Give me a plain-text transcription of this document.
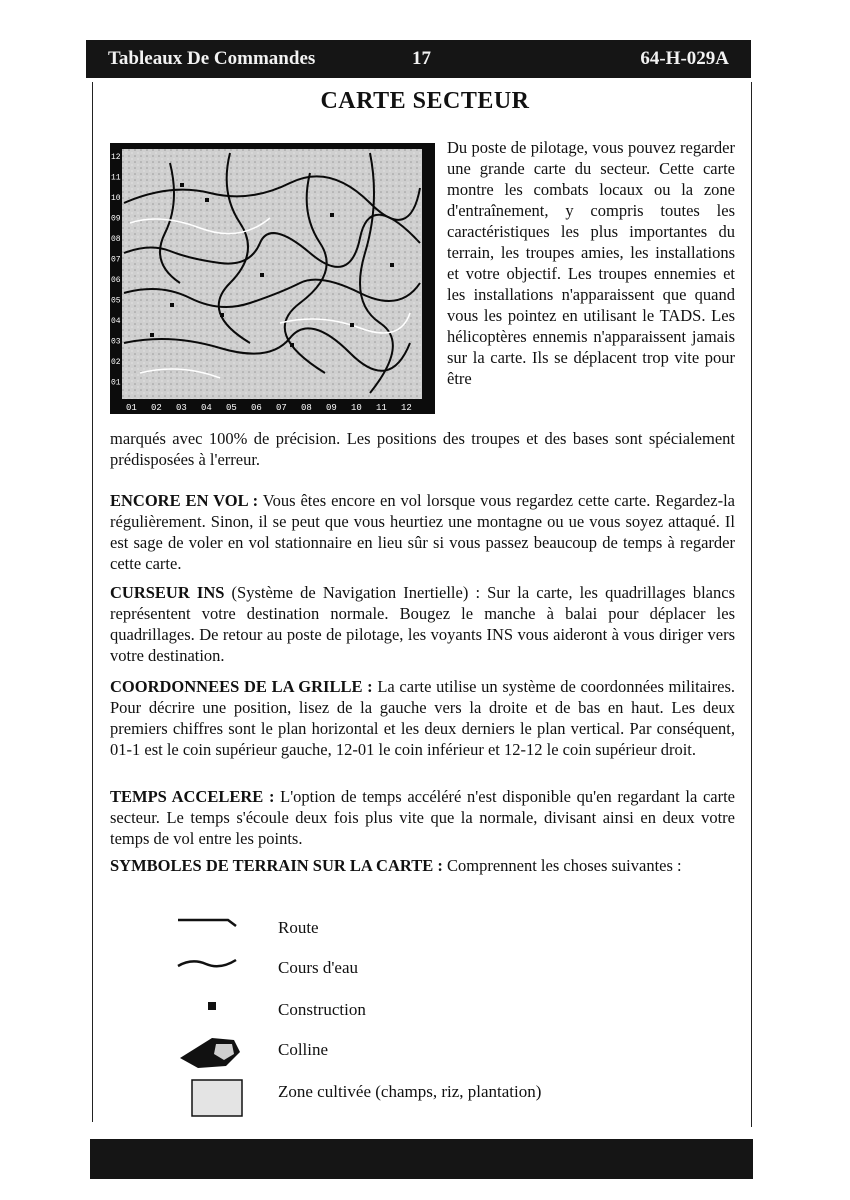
Tableaux De Commandes	17	64-H-029A
CARTE SECTEUR
01 02 03 04 05 06 07 08 09 10 11 12
12
11
10
09
08
07
06
05
04
03
02
01
Du poste de pilotage, vous pouvez regarder une grande carte du secteur. Cette carte montre les combats locaux ou la zone d'entraînement, y compris toutes les caractéristiques les plus importantes du terrain, les troupes amies, les installations et votre objectif. Les troupes ennemies et les installations n'apparaissent que quand vous les pointez en utilisant le TADS. Les hélicoptères ennemis n'apparaissent jamais sur la carte. Ils se déplacent trop vite pour être
marqués avec 100% de précision. Les positions des troupes et des bases sont spécialement prédisposées à l'erreur.
ENCORE EN VOL : Vous êtes encore en vol lorsque vous regardez cette carte. Regardez-la régulièrement. Sinon, il se peut que vous heurtiez une montagne ou ue vous soyez attaqué. Il est sage de voler en vol stationnaire en lieu sûr si vous passez beaucoup de temps à regarder cette carte.
CURSEUR INS (Système de Navigation Inertielle) : Sur la carte, les quadrillages blancs représentent votre destination normale. Bougez le manche à balai pour déplacer les quadrillages. De retour au poste de pilotage, les voyants INS vous aideront à vous diriger vers votre destination.
COORDONNEES DE LA GRILLE : La carte utilise un système de coordonnées militaires. Pour décrire une position, lisez de la gauche vers la droite et de bas en haut. Les deux premiers chiffres sont le plan horizontal et les deux derniers le plan vertical. Par conséquent, 01-1 est le coin supérieur gauche, 12-01 le coin inférieur et 12-12 le coin supérieur droit.
TEMPS ACCELERE : L'option de temps accéléré n'est disponible qu'en regardant la carte secteur. Le temps s'écoule deux fois plus vite que la normale, divisant ainsi en deux votre temps de vol entre les points.
SYMBOLES DE TERRAIN SUR LA CARTE : Comprennent les choses suivantes :
Route
Cours d'eau
Construction
Colline
Zone cultivée (champs, riz, plantation)
